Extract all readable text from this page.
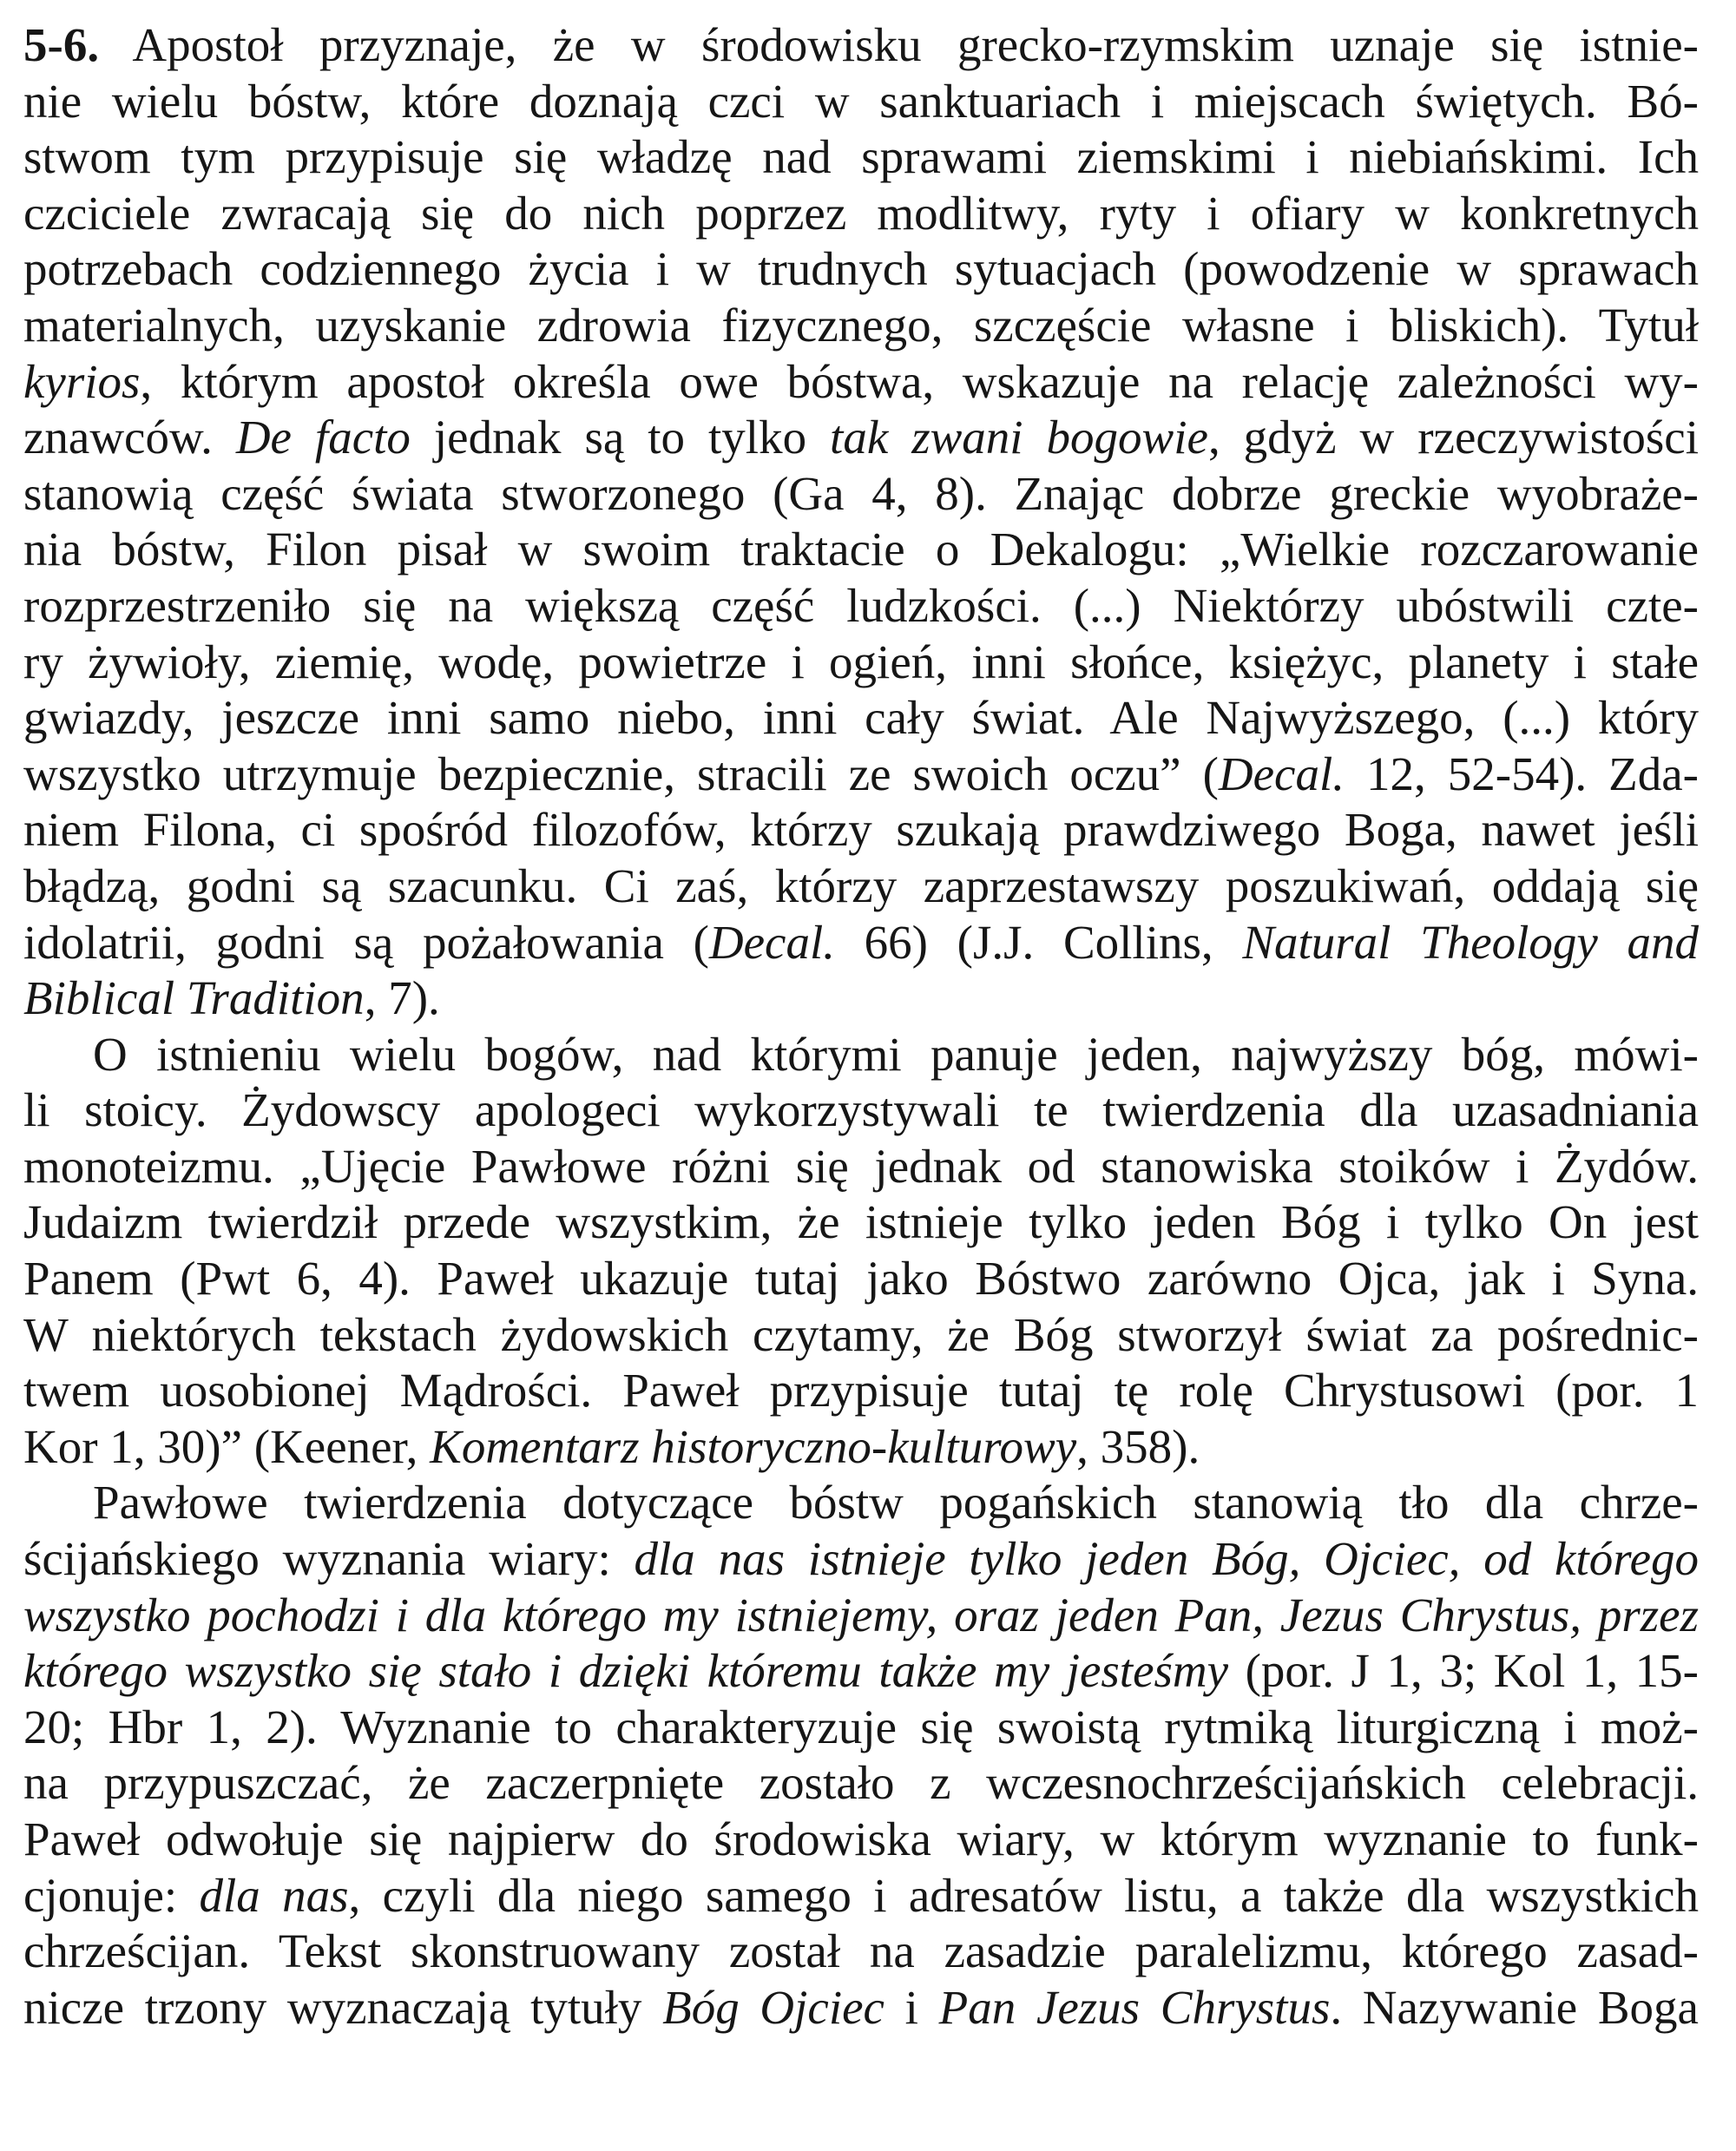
5-6. Apostoł przyznaje, że w środowisku grecko-rzymskim uznaje się istnie-
nie wielu bóstw, które doznają czci w sanktuariach i miejscach świętych. Bó-
stwom tym przypisuje się władzę nad sprawami ziemskimi i niebiańskimi. Ich
czciciele zwracają się do nich poprzez modlitwy, ryty i ofiary w konkretnych
potrzebach codziennego życia i w trudnych sytuacjach (powodzenie w sprawach
materialnych, uzyskanie zdrowia fizycznego, szczęście własne i bliskich). Tytuł
kyrios, którym apostoł określa owe bóstwa, wskazuje na relację zależności wy-
znawców. De facto jednak są to tylko tak zwani bogowie, gdyż w rzeczywistości
stanowią część świata stworzonego (Ga 4, 8). Znając dobrze greckie wyobraże-
nia bóstw, Filon pisał w swoim traktacie o Dekalogu: „Wielkie rozczarowanie
rozprzestrzeniło się na większą część ludzkości. (...) Niektórzy ubóstwili czte-
ry żywioły, ziemię, wodę, powietrze i ogień, inni słońce, księżyc, planety i stałe
gwiazdy, jeszcze inni samo niebo, inni cały świat. Ale Najwyższego, (...) który
wszystko utrzymuje bezpiecznie, stracili ze swoich oczu” (Decal. 12, 52-54). Zda-
niem Filona, ci spośród filozofów, którzy szukają prawdziwego Boga, nawet jeśli
błądzą, godni są szacunku. Ci zaś, którzy zaprzestawszy poszukiwań, oddają się
idolatrii, godni są pożałowania (Decal. 66) (J.J. Collins, Natural Theology and
Biblical Tradition, 7).
O istnieniu wielu bogów, nad którymi panuje jeden, najwyższy bóg, mówi-
li stoicy. Żydowscy apologeci wykorzystywali te twierdzenia dla uzasadniania
monoteizmu. „Ujęcie Pawłowe różni się jednak od stanowiska stoików i Żydów.
Judaizm twierdził przede wszystkim, że istnieje tylko jeden Bóg i tylko On jest
Panem (Pwt 6, 4). Paweł ukazuje tutaj jako Bóstwo zarówno Ojca, jak i Syna.
W niektórych tekstach żydowskich czytamy, że Bóg stworzył świat za pośrednic-
twem uosobionej Mądrości. Paweł przypisuje tutaj tę rolę Chrystusowi (por. 1
Kor 1, 30)” (Keener, Komentarz historyczno-kulturowy, 358).
Pawłowe twierdzenia dotyczące bóstw pogańskich stanowią tło dla chrze-
ścijańskiego wyznania wiary: dla nas istnieje tylko jeden Bóg, Ojciec, od którego
wszystko pochodzi i dla którego my istniejemy, oraz jeden Pan, Jezus Chrystus, przez
którego wszystko się stało i dzięki któremu także my jesteśmy (por. J 1, 3; Kol 1, 15-
20; Hbr 1, 2). Wyznanie to charakteryzuje się swoistą rytmiką liturgiczną i moż-
na przypuszczać, że zaczerpnięte zostało z wczesnochrześcijańskich celebracji.
Paweł odwołuje się najpierw do środowiska wiary, w którym wyznanie to funk-
cjonuje: dla nas, czyli dla niego samego i adresatów listu, a także dla wszystkich
chrześcijan. Tekst skonstruowany został na zasadzie paralelizmu, którego zasad-
nicze trzony wyznaczają tytuły Bóg Ojciec i Pan Jezus Chrystus. Nazywanie Boga
